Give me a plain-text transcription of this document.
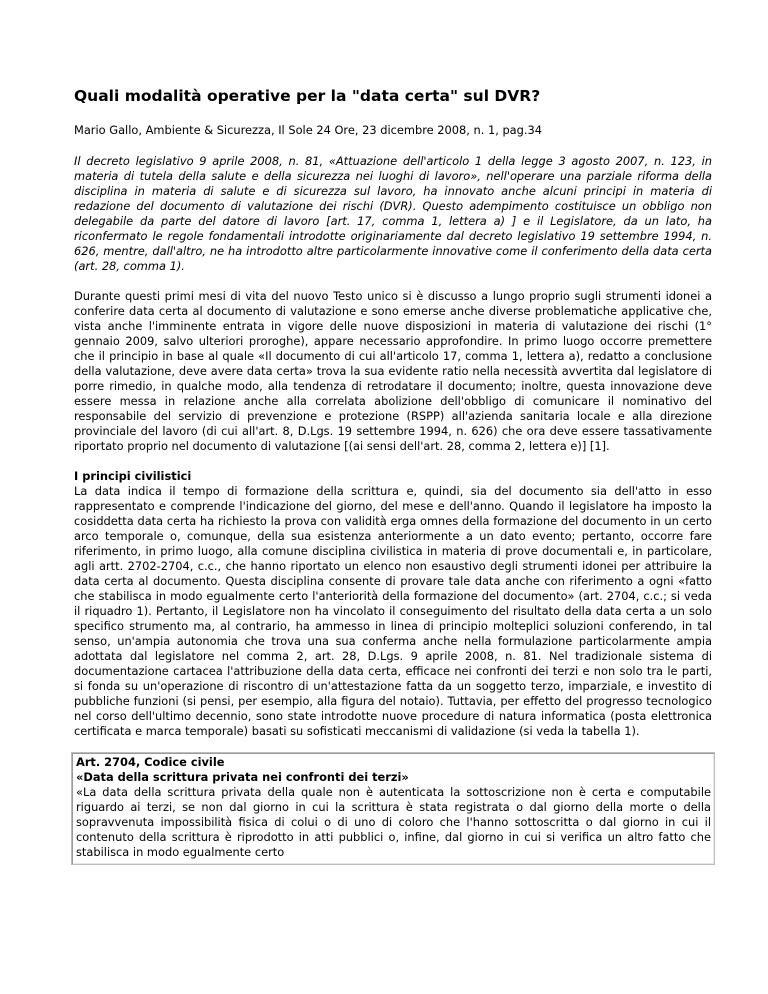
Quali modalità operative per la "data certa" sul DVR?
Mario Gallo, Ambiente & Sicurezza, Il Sole 24 Ore, 23 dicembre 2008, n. 1, pag.34

Il decreto legislativo 9 aprile 2008, n. 81, «Attuazione dell'articolo 1 della legge 3 agosto 2007, n. 123, in materia di tutela della salute e della sicurezza nei luoghi di lavoro», nell'operare una parziale riforma della disciplina in materia di salute e di sicurezza sul lavoro, ha innovato anche alcuni principi in materia di redazione del documento di valutazione dei rischi (DVR). Questo adempimento costituisce un obbligo non delegabile da parte del datore di lavoro [art. 17, comma 1, lettera a) ] e il Legislatore, da un lato, ha riconfermato le regole fondamentali introdotte originariamente dal decreto legislativo 19 settembre 1994, n. 626, mentre, dall'altro, ne ha introdotto altre particolarmente innovative come il conferimento della data certa (art. 28, comma 1).

Durante questi primi mesi di vita del nuovo Testo unico si è discusso a lungo proprio sugli strumenti idonei a conferire data certa al documento di valutazione e sono emerse anche diverse problematiche applicative che, vista anche l'imminente entrata in vigore delle nuove disposizioni in materia di valutazione dei rischi (1° gennaio 2009, salvo ulteriori proroghe), appare necessario approfondire. In primo luogo occorre premettere che il principio in base al quale «Il documento di cui all'articolo 17, comma 1, lettera a), redatto a conclusione della valutazione, deve avere data certa» trova la sua evidente ratio nella necessità avvertita dal legislatore di porre rimedio, in qualche modo, alla tendenza di retrodatare il documento; inoltre, questa innovazione deve essere messa in relazione anche alla correlata abolizione dell'obbligo di comunicare il nominativo del responsabile del servizio di prevenzione e protezione (RSPP) all'azienda sanitaria locale e alla direzione provinciale del lavoro (di cui all'art. 8, D.Lgs. 19 settembre 1994, n. 626) che ora deve essere tassativamente riportato proprio nel documento di valutazione [(ai sensi dell'art. 28, comma 2, lettera e)] [1].

I principi civilistici

La data indica il tempo di formazione della scrittura e, quindi, sia del documento sia dell'atto in esso rappresentato e comprende l'indicazione del giorno, del mese e dell'anno. Quando il legislatore ha imposto la cosiddetta data certa ha richiesto la prova con validità erga omnes della formazione del documento in un certo arco temporale o, comunque, della sua esistenza anteriormente a un dato evento; pertanto, occorre fare riferimento, in primo luogo, alla comune disciplina civilistica in materia di prove documentali e, in particolare, agli artt. 2702-2704, c.c., che hanno riportato un elenco non esaustivo degli strumenti idonei per attribuire la data certa al documento. Questa disciplina consente di provare tale data anche con riferimento a ogni «fatto che stabilisca in modo egualmente certo l'anteriorità della formazione del documento» (art. 2704, c.c.; si veda il riquadro 1). Pertanto, il Legislatore non ha vincolato il conseguimento del risultato della data certa a un solo specifico strumento ma, al contrario, ha ammesso in linea di principio molteplici soluzioni conferendo, in tal senso, un'ampia autonomia che trova una sua conferma anche nella formulazione particolarmente ampia adottata dal legislatore nel comma 2, art. 28, D.Lgs. 9 aprile 2008, n. 81. Nel tradizionale sistema di documentazione cartacea l'attribuzione della data certa, efficace nei confronti dei terzi e non solo tra le parti, si fonda su un'operazione di riscontro di un'attestazione fatta da un soggetto terzo, imparziale, e investito di pubbliche funzioni (si pensi, per esempio, alla figura del notaio). Tuttavia, per effetto del progresso tecnologico nel corso dell'ultimo decennio, sono state introdotte nuove procedure di natura informatica (posta elettronica certificata e marca temporale) basati su sofisticati meccanismi di validazione (si veda la tabella 1).

Art. 2704, Codice civile
«Data della scrittura privata nei confronti dei terzi»
«La data della scrittura privata della quale non è autenticata la sottoscrizione non è certa e computabile riguardo ai terzi, se non dal giorno in cui la scrittura è stata registrata o dal giorno della morte o della sopravvenuta impossibilità fisica di colui o di uno di coloro che l'hanno sottoscritta o dal giorno in cui il contenuto della scrittura è riprodotto in atti pubblici o, infine, dal giorno in cui si verifica un altro fatto che stabilisca in modo egualmente certo
